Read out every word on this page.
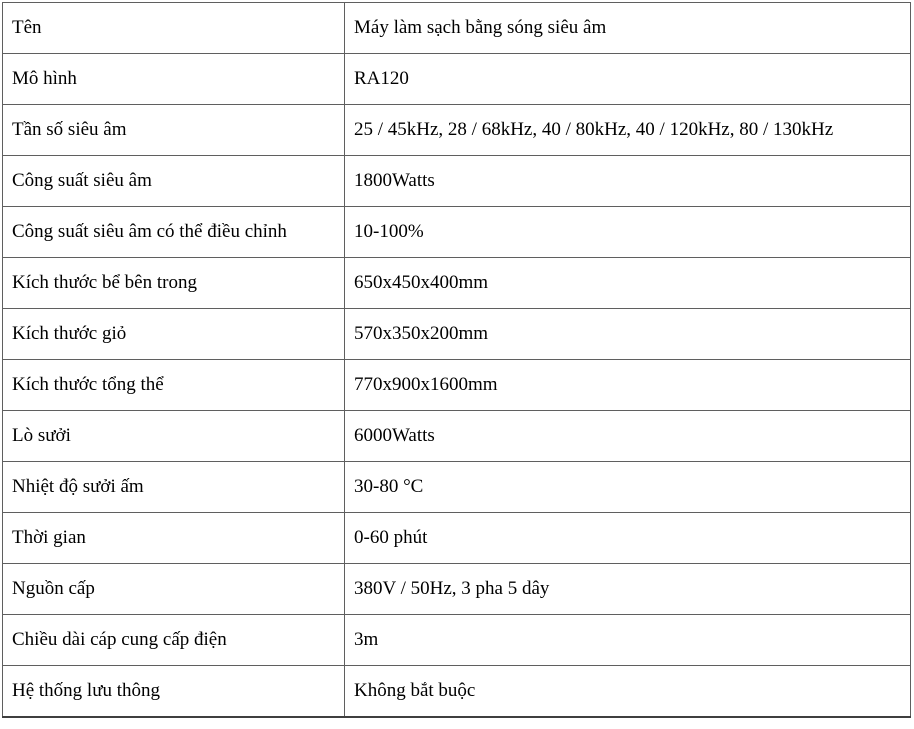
Tên	Máy làm sạch bằng sóng siêu âm
Mô hình	RA120
Tần số siêu âm	25 / 45kHz, 28 / 68kHz, 40 / 80kHz, 40 / 120kHz, 80 / 130kHz
Công suất siêu âm	1800Watts
Công suất siêu âm có thể điều chỉnh	10-100%
Kích thước bể bên trong	650x450x400mm
Kích thước giỏ	570x350x200mm
Kích thước tổng thể	770x900x1600mm
Lò sưởi	6000Watts
Nhiệt độ sưởi ấm	30-80 °C
Thời gian	0-60 phút
Nguồn cấp	380V / 50Hz, 3 pha 5 dây
Chiều dài cáp cung cấp điện	3m
Hệ thống lưu thông	Không bắt buộc
